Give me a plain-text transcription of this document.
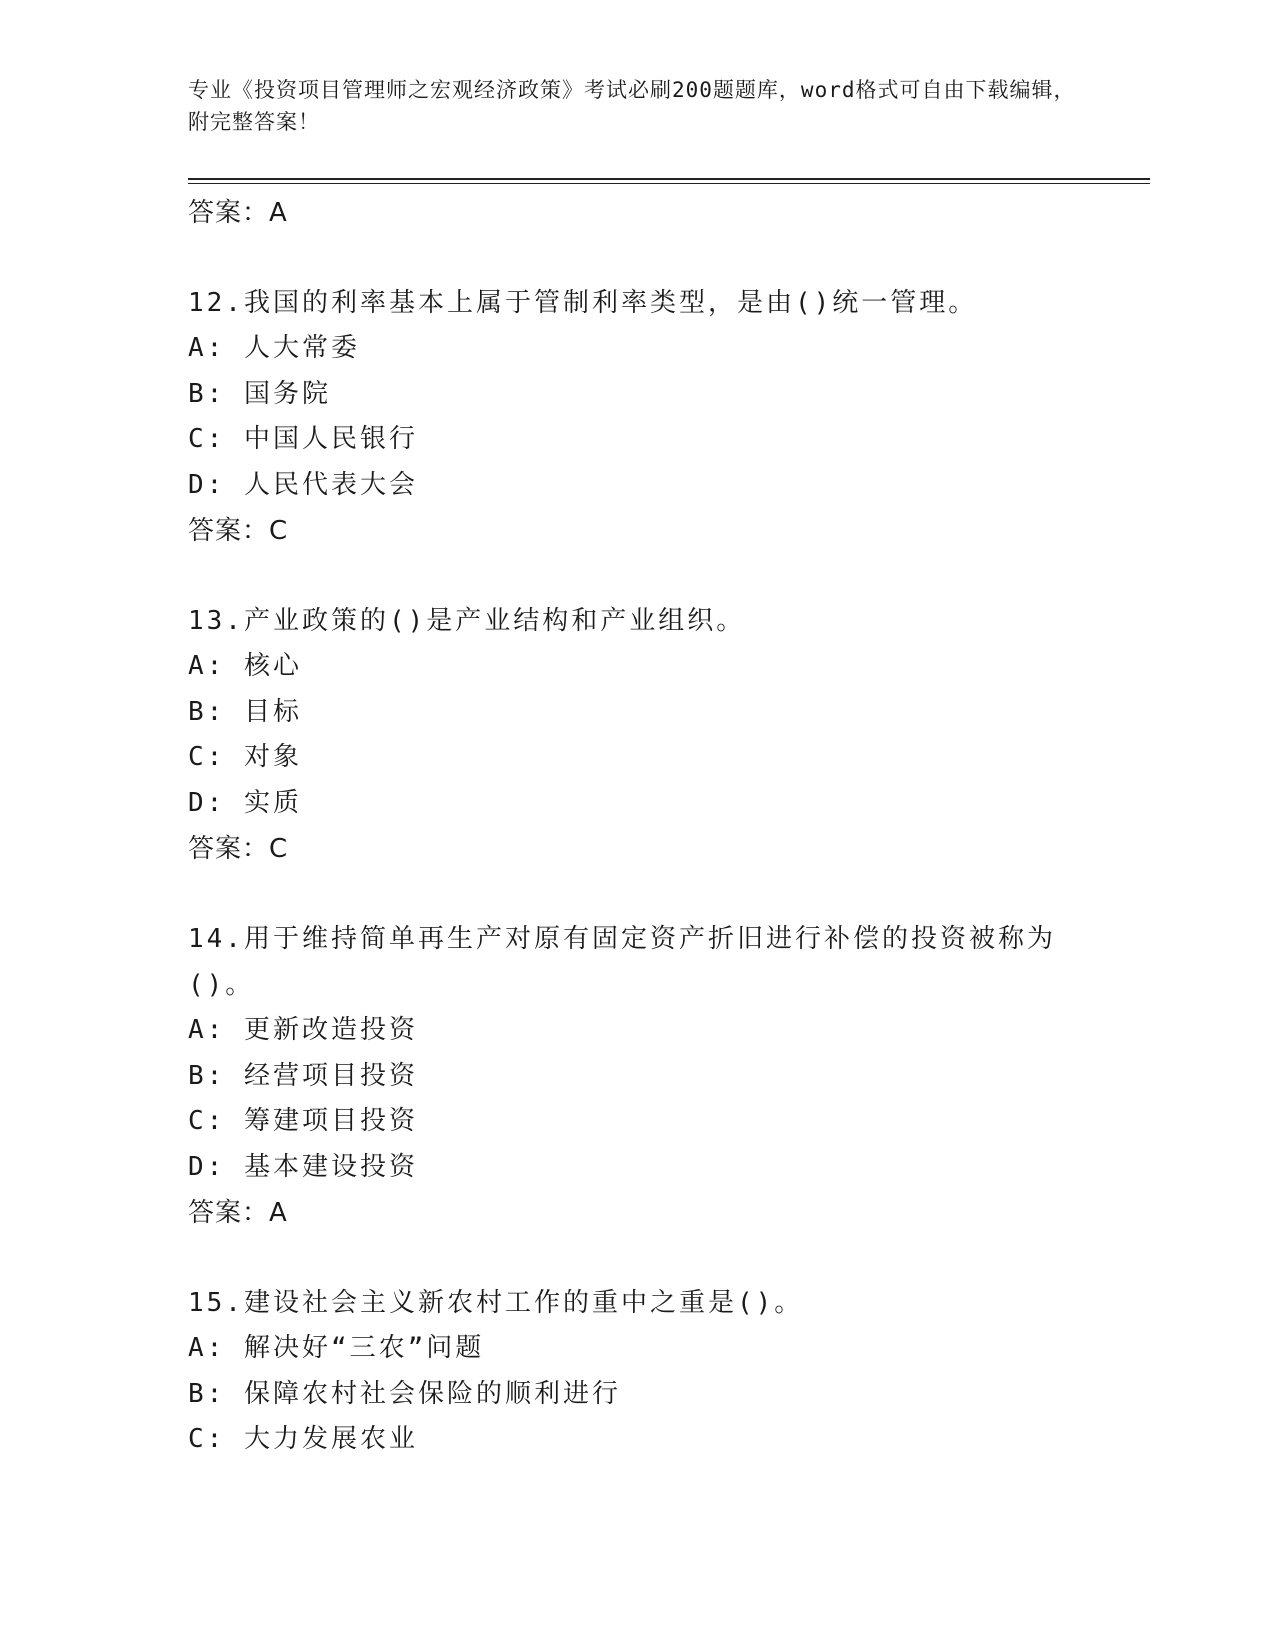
专业《投资项目管理师之宏观经济政策》考试必刷200题题库，word格式可自由下载编辑，附完整答案！
答案：A
12.我国的利率基本上属于管制利率类型，是由()统一管理。
A: 人大常委
B: 国务院
C: 中国人民银行
D: 人民代表大会
答案：C
13.产业政策的()是产业结构和产业组织。
A: 核心
B: 目标
C: 对象
D: 实质
答案：C
14.用于维持简单再生产对原有固定资产折旧进行补偿的投资被称为()。
A: 更新改造投资
B: 经营项目投资
C: 筹建项目投资
D: 基本建设投资
答案：A
15.建设社会主义新农村工作的重中之重是()。
A: 解决好“三农”问题
B: 保障农村社会保险的顺利进行
C: 大力发展农业
